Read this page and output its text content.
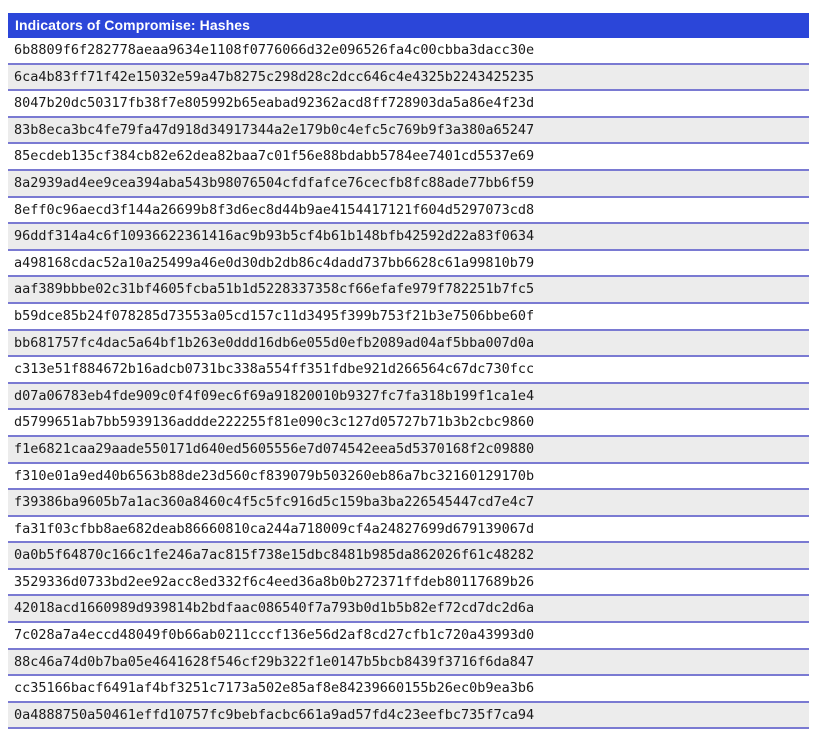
Indicators of Compromise: Hashes
6b8809f6f282778aeaa9634e1108f0776066d32e096526fa4c00cbba3dacc30e
6ca4b83ff71f42e15032e59a47b8275c298d28c2dcc646c4e4325b2243425235
8047b20dc50317fb38f7e805992b65eabad92362acd8ff728903da5a86e4f23d
83b8eca3bc4fe79fa47d918d34917344a2e179b0c4efc5c769b9f3a380a65247
85ecdeb135cf384cb82e62dea82baa7c01f56e88bdabb5784ee7401cd5537e69
8a2939ad4ee9cea394aba543b98076504cfdfafce76cecfb8fc88ade77bb6f59
8eff0c96aecd3f144a26699b8f3d6ec8d44b9ae4154417121f604d5297073cd8
96ddf314a4c6f10936622361416ac9b93b5cf4b61b148bfb42592d22a83f0634
a498168cdac52a10a25499a46e0d30db2db86c4dadd737bb6628c61a99810b79
aaf389bbbe02c31bf4605fcba51b1d5228337358cf66efafe979f782251b7fc5
b59dce85b24f078285d73553a05cd157c11d3495f399b753f21b3e7506bbe60f
bb681757fc4dac5a64bf1b263e0ddd16db6e055d0efb2089ad04af5bba007d0a
c313e51f884672b16adcb0731bc338a554ff351fdbe921d266564c67dc730fcc
d07a06783eb4fde909c0f4f09ec6f69a91820010b9327fc7fa318b199f1ca1e4
d5799651ab7bb5939136addde222255f81e090c3c127d05727b71b3b2cbc9860
f1e6821caa29aade550171d640ed5605556e7d074542eea5d5370168f2c09880
f310e01a9ed40b6563b88de23d560cf839079b503260eb86a7bc32160129170b
f39386ba9605b7a1ac360a8460c4f5c5fc916d5c159ba3ba226545447cd7e4c7
fa31f03cfbb8ae682deab86660810ca244a718009cf4a24827699d679139067d
0a0b5f64870c166c1fe246a7ac815f738e15dbc8481b985da862026f61c48282
3529336d0733bd2ee92acc8ed332f6c4eed36a8b0b272371ffdeb80117689b26
42018acd1660989d939814b2bdfaac086540f7a793b0d1b5b82ef72cd7dc2d6a
7c028a7a4eccd48049f0b66ab0211cccf136e56d2af8cd27cfb1c720a43993d0
88c46a74d0b7ba05e4641628f546cf29b322f1e0147b5bcb8439f3716f6da847
cc35166bacf6491af4bf3251c7173a502e85af8e84239660155b26ec0b9ea3b6
0a4888750a50461effd10757fc9bebfacbc661a9ad57fd4c23eefbc735f7ca94
